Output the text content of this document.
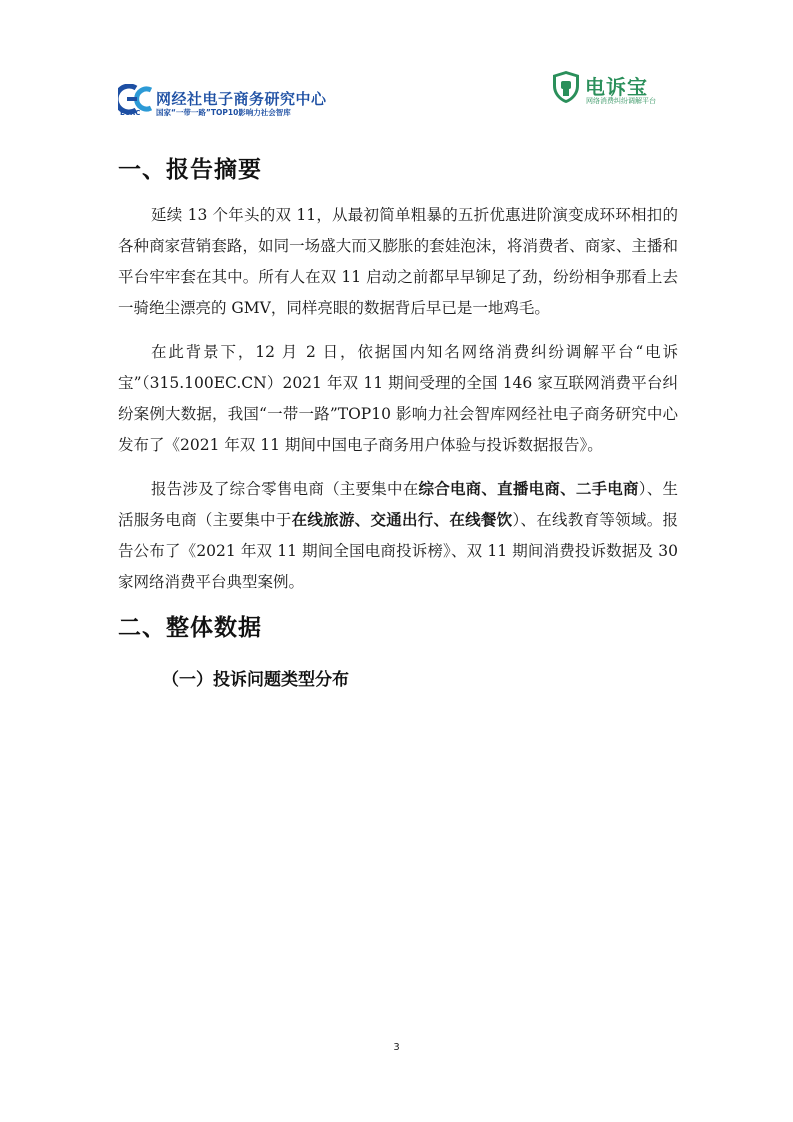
ECRC
网经社电子商务研究中心
国家“一带一路”TOP10影响力社会智库
电诉宝
网络消费纠纷调解平台
一、报告摘要

延续 13 个年头的双 11，从最初简单粗暴的五折优惠进阶演变成环环相扣的各种商家营销套路，如同一场盛大而又膨胀的套娃泡沫，将消费者、商家、主播和平台牢牢套在其中。所有人在双 11 启动之前都早早铆足了劲，纷纷相争那看上去一骑绝尘漂亮的 GMV，同样亮眼的数据背后早已是一地鸡毛。

在此背景下，12 月 2 日，依据国内知名网络消费纠纷调解平台“电诉宝”（315.100EC.CN）2021 年双 11 期间受理的全国 146 家互联网消费平台纠纷案例大数据，我国“一带一路”TOP10 影响力社会智库网经社电子商务研究中心发布了《2021 年双 11 期间中国电子商务用户体验与投诉数据报告》。

报告涉及了综合零售电商（主要集中在综合电商、直播电商、二手电商）、生活服务电商（主要集中于在线旅游、交通出行、在线餐饮）、在线教育等领域。报告公布了《2021 年双 11 期间全国电商投诉榜》、双 11 期间消费投诉数据及 30 家网络消费平台典型案例。

二、整体数据
（一）投诉问题类型分布
3
